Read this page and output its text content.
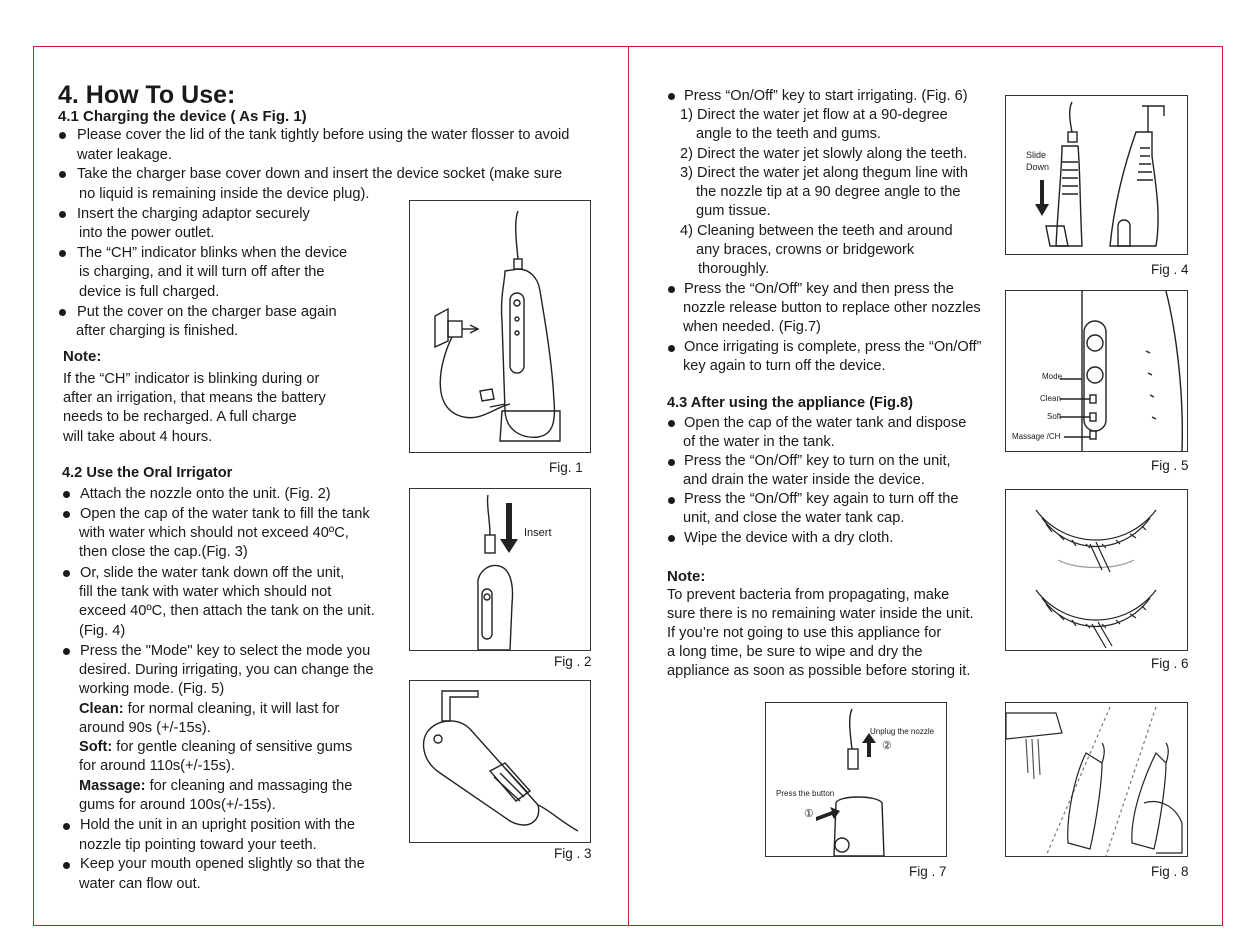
4. How To Use:
4.1 Charging the device ( As Fig. 1)
Please cover the lid of the tank tightly before using the water flosser to avoid
water leakage.
Take the charger base cover down and insert the device socket (make sure
no liquid is remaining inside the device plug).
Insert the charging adaptor securely
into the power outlet.
The “CH” indicator blinks when the device
is charging, and it will turn off after the
device is full charged.
Put the cover on the charger base again
after charging is finished.
Note:
If the “CH” indicator is blinking during or
after an irrigation, that means the battery
needs to be recharged. A full charge
will take about 4 hours.
4.2 Use the Oral Irrigator
Attach the nozzle onto the unit. (Fig. 2)
Open the cap of the water tank to fill the tank
with water which should not exceed 40ºC,
then close the cap.(Fig. 3)
Or, slide the water tank down off the unit,
fill the tank with water which should not
exceed 40ºC, then attach the tank on the unit.
(Fig. 4)
Press the "Mode" key to select the mode you
desired. During irrigating, you can change the
working mode. (Fig. 5)
Clean: for normal cleaning, it will last for
around 90s (+/-15s).
Soft: for gentle cleaning of sensitive gums
for around 110s(+/-15s).
Massage: for cleaning and massaging the
gums for around 100s(+/-15s).
Hold the unit in an upright position with the
nozzle tip pointing toward your teeth.
Keep your mouth opened slightly so that the
water can flow out.
Fig. 1
Insert
Fig . 2
Fig . 3
Press “On/Off” key to start irrigating. (Fig. 6)
1) Direct the water jet flow at a 90-degree
angle to the teeth and gums.
2) Direct the water jet slowly along the teeth.
3) Direct the water jet along thegum line with
the nozzle tip at a 90 degree angle to the
gum tissue.
4) Cleaning between the teeth and around
any braces, crowns or bridgework
thoroughly.
Press the “On/Off” key and then press the
nozzle release button to replace other nozzles
when needed. (Fig.7)
Once irrigating is complete, press the “On/Off”
key again to turn off the device.
4.3 After using the appliance (Fig.8)
Open the cap of the water tank and dispose
of the water in the tank.
Press the “On/Off” key to turn on the unit,
and drain the water inside the device.
Press the “On/Off” key again to turn off the
unit, and close the water tank cap.
Wipe the device with a dry cloth.
Note:
To prevent bacteria from propagating, make
sure there is no remaining water inside the unit.
If you’re not going to use this appliance for
a long time, be sure to wipe and dry the
appliance as soon as possible before storing it.
Slide
Down
Fig . 4
Mode
Clean
Soft
Massage /CH
Fig . 5
Fig . 6
Unplug the nozzle
②
Press the button
①
Fig . 7	Fig . 8
